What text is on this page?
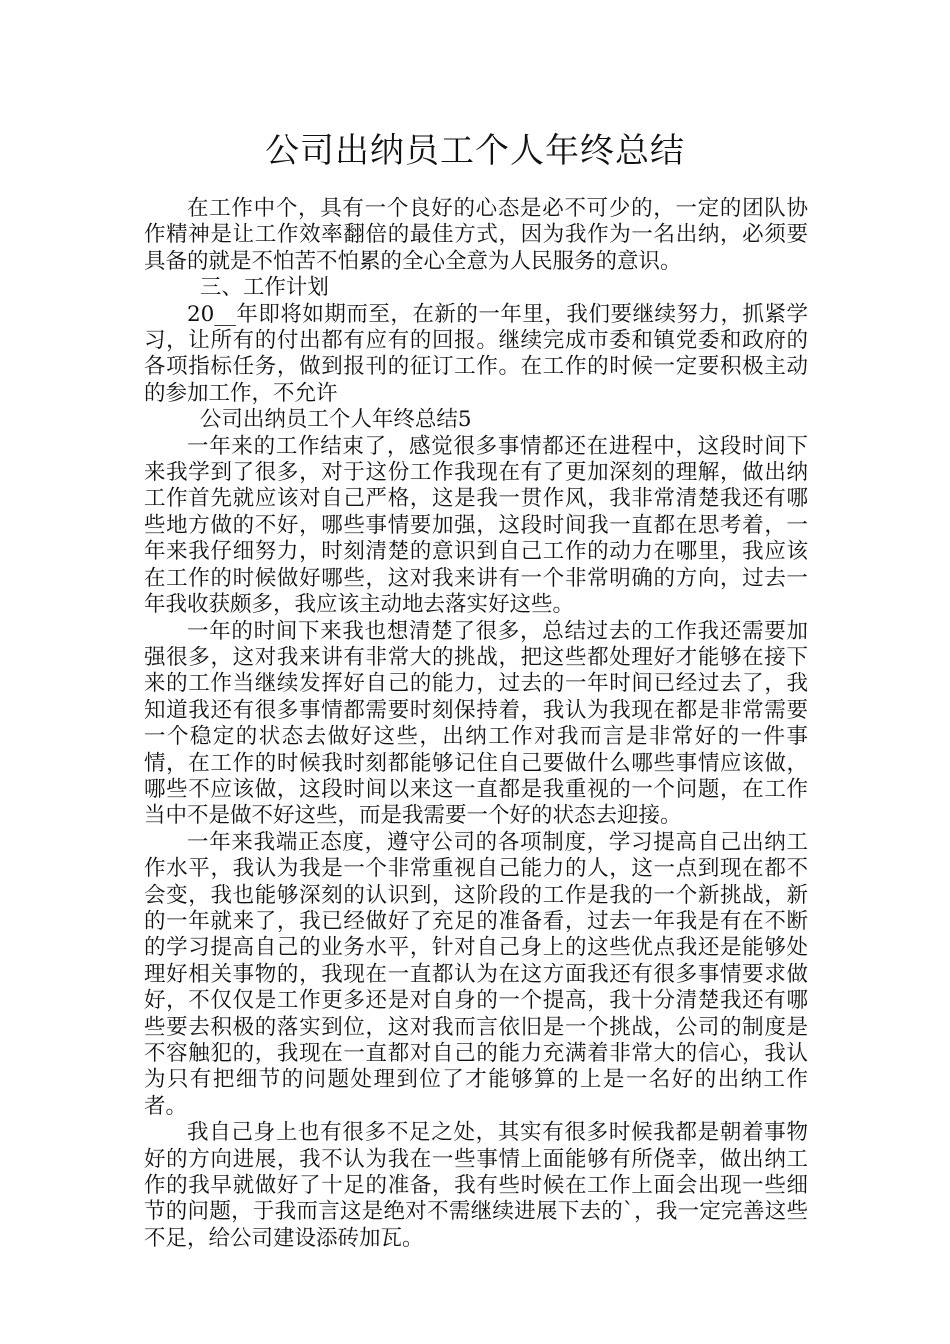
公司出纳员工个人年终总结

在工作中个，具有一个良好的心态是必不可少的，一定的团队协作精神是让工作效率翻倍的最佳方式，因为我作为一名出纳，必须要具备的就是不怕苦不怕累的全心全意为人民服务的意识。

三、工作计划

20__年即将如期而至，在新的一年里，我们要继续努力，抓紧学习，让所有的付出都有应有的回报。继续完成市委和镇党委和政府的各项指标任务，做到报刊的征订工作。在工作的时候一定要积极主动的参加工作，不允许

公司出纳员工个人年终总结5

一年来的工作结束了，感觉很多事情都还在进程中，这段时间下来我学到了很多，对于这份工作我现在有了更加深刻的理解，做出纳工作首先就应该对自己严格，这是我一贯作风，我非常清楚我还有哪些地方做的不好，哪些事情要加强，这段时间我一直都在思考着，一年来我仔细努力，时刻清楚的意识到自己工作的动力在哪里，我应该在工作的时候做好哪些，这对我来讲有一个非常明确的方向，过去一年我收获颇多，我应该主动地去落实好这些。

一年的时间下来我也想清楚了很多，总结过去的工作我还需要加强很多，这对我来讲有非常大的挑战，把这些都处理好才能够在接下来的工作当继续发挥好自己的能力，过去的一年时间已经过去了，我知道我还有很多事情都需要时刻保持着，我认为我现在都是非常需要一个稳定的状态去做好这些，出纳工作对我而言是非常好的一件事情，在工作的时候我时刻都能够记住自己要做什么哪些事情应该做，哪些不应该做，这段时间以来这一直都是我重视的一个问题，在工作当中不是做不好这些，而是我需要一个好的状态去迎接。

一年来我端正态度，遵守公司的各项制度，学习提高自己出纳工作水平，我认为我是一个非常重视自己能力的人，这一点到现在都不会变，我也能够深刻的认识到，这阶段的工作是我的一个新挑战，新的一年就来了，我已经做好了充足的准备看，过去一年我是有在不断的学习提高自己的业务水平，针对自己身上的这些优点我还是能够处理好相关事物的，我现在一直都认为在这方面我还有很多事情要求做好，不仅仅是工作更多还是对自身的一个提高，我十分清楚我还有哪些要去积极的落实到位，这对我而言依旧是一个挑战，公司的制度是不容触犯的，我现在一直都对自己的能力充满着非常大的信心，我认为只有把细节的问题处理到位了才能够算的上是一名好的出纳工作者。

我自己身上也有很多不足之处，其实有很多时候我都是朝着事物好的方向进展，我不认为我在一些事情上面能够有所侥幸，做出纳工作的我早就做好了十足的准备，我有些时候在工作上面会出现一些细节的问题，于我而言这是绝对不需继续进展下去的`，我一定完善这些不足，给公司建设添砖加瓦。
